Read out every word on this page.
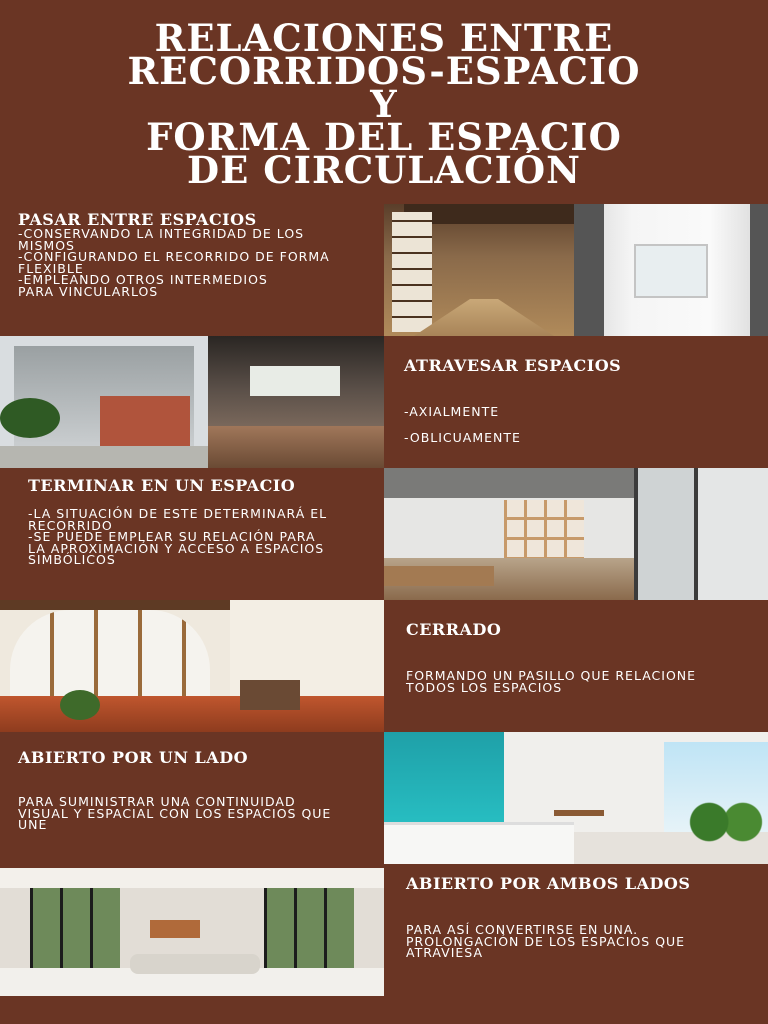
RELACIONES ENTRE
RECORRIDOS-ESPACIO
Y
FORMA DEL ESPACIO
DE CIRCULACIÓN
PASAR ENTRE ESPACIOS

-CONSERVANDO LA INTEGRIDAD DE LOS MISMOS

-CONFIGURANDO EL RECORRIDO DE FORMA FLEXIBLE

-EMPLEANDO OTROS INTERMEDIOS PARA VINCULARLOS

ATRAVESAR ESPACIOS

-AXIALMENTE

-OBLICUAMENTE

TERMINAR EN UN ESPACIO

-LA SITUACIÓN DE ESTE DETERMINARÁ EL RECORRIDO

-SE PUEDE EMPLEAR SU RELACIÓN PARA LA APROXIMACIÓN Y ACCESO A ESPACIOS SIMBÓLICOS

CERRADO

FORMANDO UN PASILLO QUE RELACIONE TODOS LOS ESPACIOS

ABIERTO POR UN LADO

PARA SUMINISTRAR UNA CONTINUIDAD VISUAL Y ESPACIAL CON LOS ESPACIOS QUE UNE

ABIERTO POR AMBOS LADOS

PARA ASÍ CONVERTIRSE EN UNA. PROLONGACIÓN DE LOS ESPACIOS QUE ATRAVIESA
